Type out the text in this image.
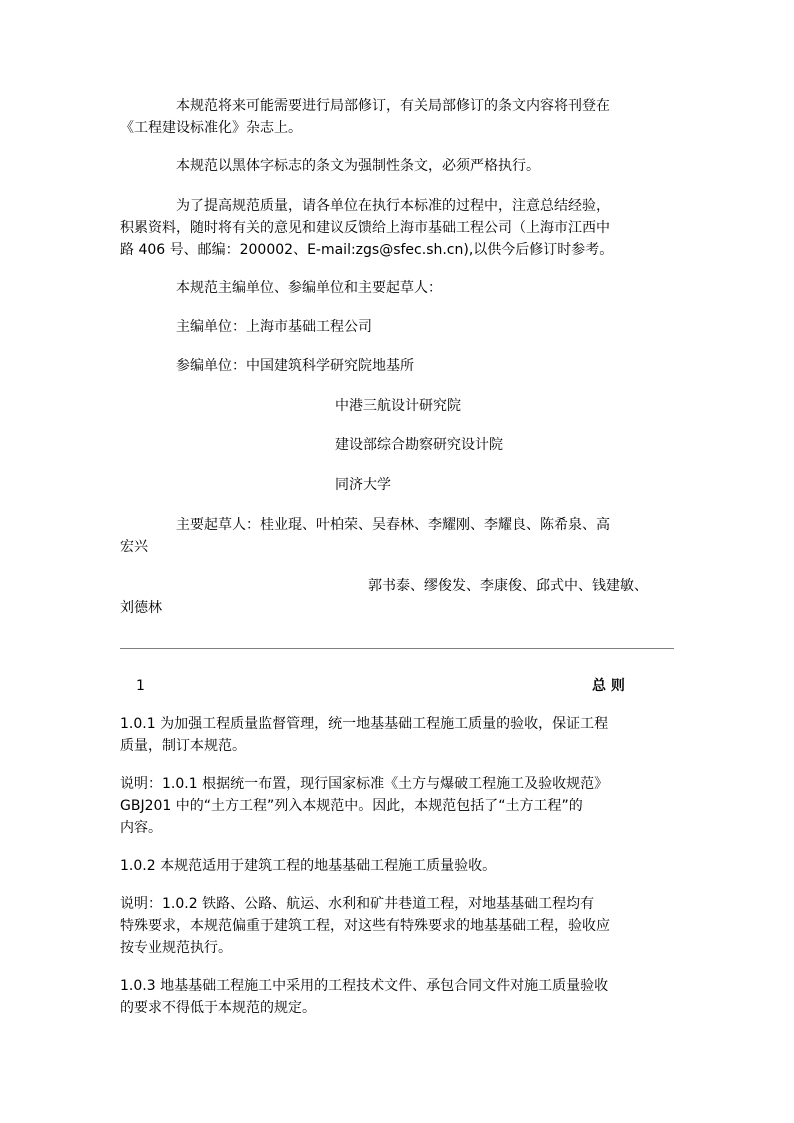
本规范将来可能需要进行局部修订，有关局部修订的条文内容将刊登在
《工程建设标准化》杂志上。
本规范以黑体字标志的条文为强制性条文，必须严格执行。
为了提高规范质量，请各单位在执行本标准的过程中，注意总结经验，
积累资料，随时将有关的意见和建议反馈给上海市基础工程公司（上海市江西中
路 406 号、邮编：200002、E-mail:zgs@sfec.sh.cn),以供今后修订时参考。
本规范主编单位、参编单位和主要起草人：
主编单位：上海市基础工程公司
参编单位：中国建筑科学研究院地基所
中港三航设计研究院
建设部综合勘察研究设计院
同济大学
主要起草人：桂业琨、叶柏荣、吴春林、李耀刚、李耀良、陈希泉、高
宏兴
郭书泰、缪俊发、李康俊、邱式中、钱建敏、
刘德林
1	总 则
1.0.1 为加强工程质量监督管理，统一地基基础工程施工质量的验收，保证工程
质量，制订本规范。
说明：1.0.1 根据统一布置，现行国家标准《土方与爆破工程施工及验收规范》
GBJ201 中的“土方工程”列入本规范中。因此，本规范包括了“土方工程”的
内容。
1.0.2 本规范适用于建筑工程的地基基础工程施工质量验收。
说明：1.0.2 铁路、公路、航运、水利和矿井巷道工程，对地基基础工程均有
特殊要求，本规范偏重于建筑工程，对这些有特殊要求的地基基础工程，验收应
按专业规范执行。
1.0.3 地基基础工程施工中采用的工程技术文件、承包合同文件对施工质量验收
的要求不得低于本规范的规定。
